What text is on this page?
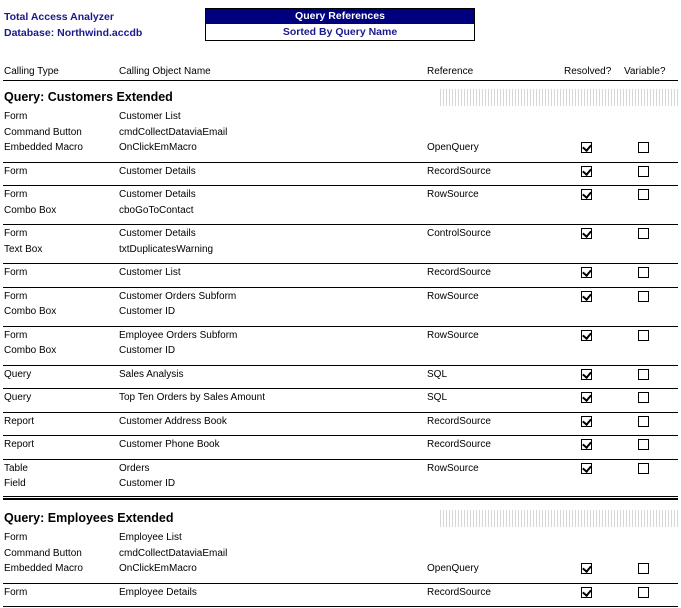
Total Access Analyzer
Database: Northwind.accdb
Query References
Sorted By Query Name
Calling Type	Calling Object Name	Reference	Resolved? Variable?
Query: Customers Extended
Form	Customer List
Command Button	cmdCollectDataviaEmail
Embedded Macro	OnClickEmMacro	OpenQuery
Form	Customer Details	RecordSource
Form	Customer Details	RowSource
Combo Box	cboGoToContact
Form	Customer Details	ControlSource
Text Box	txtDuplicatesWarning
Form	Customer List	RecordSource
Form	Customer Orders Subform	RowSource
Combo Box	Customer ID
Form	Employee Orders Subform	RowSource
Combo Box	Customer ID
Query	Sales Analysis	SQL
Query	Top Ten Orders by Sales Amount	SQL
Report	Customer Address Book	RecordSource
Report	Customer Phone Book	RecordSource
Table	Orders	RowSource
Field	Customer ID
Query: Employees Extended
Form	Employee List
Command Button	cmdCollectDataviaEmail
Embedded Macro	OnClickEmMacro	OpenQuery
Form	Employee Details	RecordSource
